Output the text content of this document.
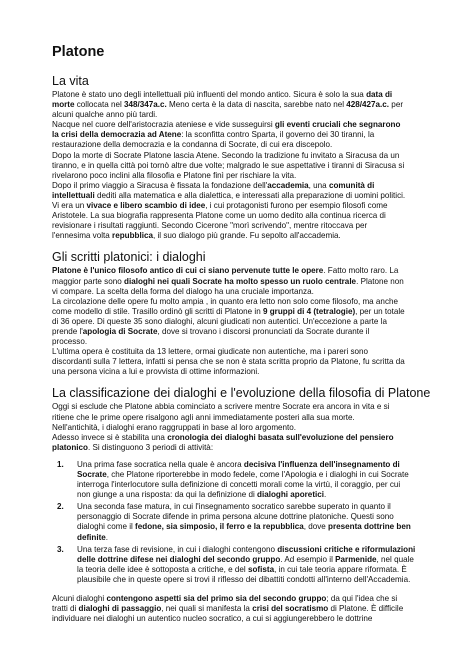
Platone
La vita
Platone è stato uno degli intellettuali più influenti del mondo antico. Sicura è solo la sua data di
morte collocata nel 348/347a.c. Meno certa è la data di nascita, sarebbe nato nel 428/427a.c. per
alcuni qualche anno più tardi.
Nacque nel cuore dell'aristocrazia ateniese e vide susseguirsi gli eventi cruciali che segnarono
la crisi della democrazia ad Atene: la sconfitta contro Sparta, il governo dei 30 tiranni, la
restaurazione della democrazia e la condanna di Socrate, di cui era discepolo.
Dopo la morte di Socrate Platone lascia Atene. Secondo la tradizione fu invitato a Siracusa da un
tiranno, e in quella città poi tornò altre due volte; malgrado le sue aspettative i tiranni di Siracusa si
rivelarono poco inclini alla filosofia e Platone finì per rischiare la vita.
Dopo il primo viaggio a Siracusa è fissata la fondazione dell'accademia, una comunità di
intellettuali dediti alla matematica e alla dialettica, e interessati alla preparazione di uomini politici.
Vi era un vivace e libero scambio di idee, i cui protagonisti furono per esempio filosofi come
Aristotele. La sua biografia rappresenta Platone come un uomo dedito alla continua ricerca di
revisionare i risultati raggiunti. Secondo Cicerone "morì scrivendo", mentre ritoccava per
l'ennesima volta repubblica, il suo dialogo più grande. Fu sepolto all'accademia.
Gli scritti platonici: i dialoghi
Platone è l'unico filosofo antico di cui ci siano pervenute tutte le opere. Fatto molto raro. La
maggior parte sono dialoghi nei quali Socrate ha molto spesso un ruolo centrale. Platone non
vi compare. La scelta della forma del dialogo ha una cruciale importanza.
La circolazione delle opere fu molto ampia , in quanto era letto non solo come filosofo, ma anche
come modello di stile. Trasillo ordinò gli scritti di Platone in 9 gruppi di 4 (tetralogie), per un totale
di 36 opere. Di queste 35 sono dialoghi, alcuni giudicati non autentici. Un'eccezione a parte la
prende l'apologia di Socrate, dove si trovano i discorsi pronunciati da Socrate durante il
processo.
L'ultima opera è costituita da 13 lettere, ormai giudicate non autentiche, ma i pareri sono
discordanti sulla 7 lettera, infatti si pensa che se non è stata scritta proprio da Platone, fu scritta da
una persona vicina a lui e provvista di ottime informazioni.
La classificazione dei dialoghi e l'evoluzione della filosofia di Platone
Oggi si esclude che Platone abbia cominciato a scrivere mentre Socrate era ancora in vita e si
ritiene che le prime opere risalgono agli anni immediatamente posteri alla sua morte.
Nell'antichità, i dialoghi erano raggruppati in base al loro argomento.
Adesso invece si è stabilita una cronologia dei dialoghi basata sull'evoluzione del pensiero
platonico. Si distinguono 3 periodi di attività:
1. Una prima fase socratica nella quale è ancora decisiva l'influenza dell'insegnamento di
Socrate, che Platone riporterebbe in modo fedele, come l'Apologia e i dialoghi in cui Socrate
interroga l'interlocutore sulla definizione di concetti morali come la virtù, il coraggio, per cui
non giunge a una risposta: da qui la definizione di dialoghi aporetici.
2. Una seconda fase matura, in cui l'insegnamento socratico sarebbe superato in quanto il
personaggio di Socrate difende in prima persona alcune dottrine platoniche. Questi sono
dialoghi come il fedone, sia simposio, il ferro e la repubblica, dove presenta dottrine ben
definite.
3. Una terza fase di revisione, in cui i dialoghi contengono discussioni critiche e riformulazioni
delle dottrine difese nei dialoghi del secondo gruppo. Ad esempio il Parmenide, nel quale
la teoria delle idee è sottoposta a critiche, e del sofista, in cui tale teoria appare riformata. È
plausibile che in queste opere si trovi il riflesso dei dibattiti condotti all'interno dell'Accademia.
Alcuni dialoghi contengono aspetti sia del primo sia del secondo gruppo; da qui l'idea che si
tratti di dialoghi di passaggio, nei quali si manifesta la crisi del socratismo di Platone. È difficile
individuare nei dialoghi un autentico nucleo socratico, a cui si aggiungerebbero le dottrine
